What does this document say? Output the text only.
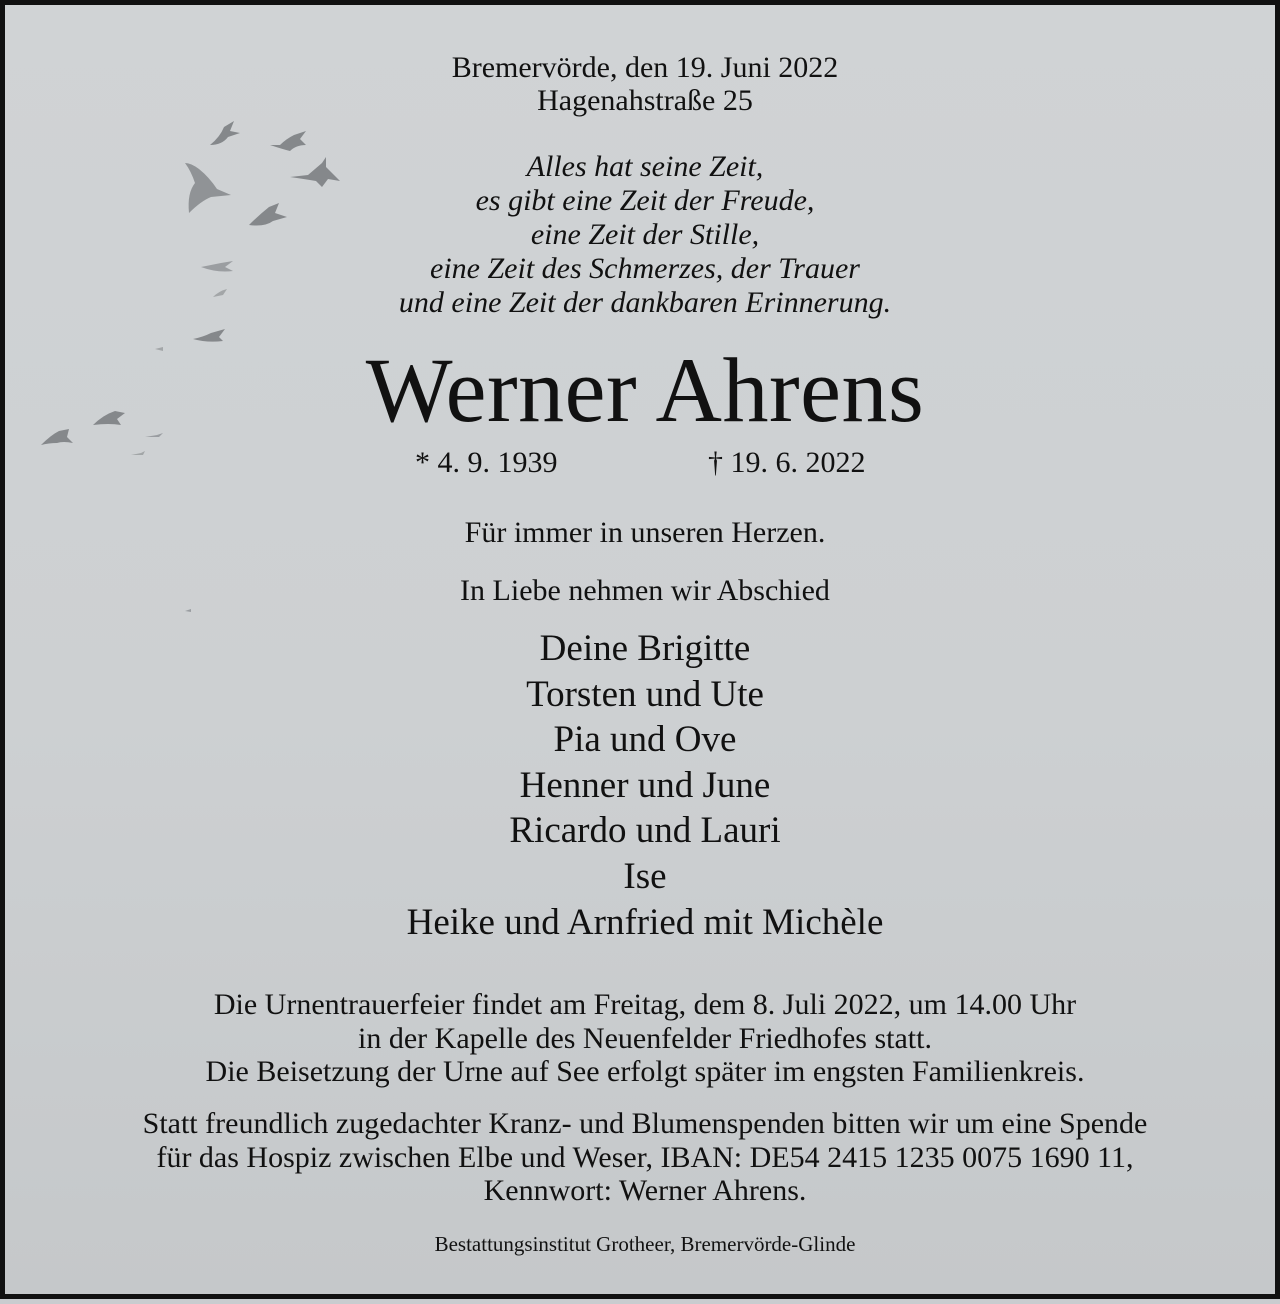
Bremervörde, den 19. Juni 2022
Hagenahstraße 25
Alles hat seine Zeit,
es gibt eine Zeit der Freude,
eine Zeit der Stille,
eine Zeit des Schmerzes, der Trauer
und eine Zeit der dankbaren Erinnerung.
Werner Ahrens
* 4. 9. 1939	† 19. 6. 2022
Für immer in unseren Herzen.
In Liebe nehmen wir Abschied
Deine Brigitte
Torsten und Ute
Pia und Ove
Henner und June
Ricardo und Lauri
Ise
Heike und Arnfried mit Michèle
Die Urnentrauerfeier findet am Freitag, dem 8. Juli 2022, um 14.00 Uhr
in der Kapelle des Neuenfelder Friedhofes statt.
Die Beisetzung der Urne auf See erfolgt später im engsten Familienkreis.
Statt freundlich zugedachter Kranz- und Blumenspenden bitten wir um eine Spende
für das Hospiz zwischen Elbe und Weser, IBAN: DE54 2415 1235 0075 1690 11,
Kennwort: Werner Ahrens.
Bestattungsinstitut Grotheer, Bremervörde-Glinde
